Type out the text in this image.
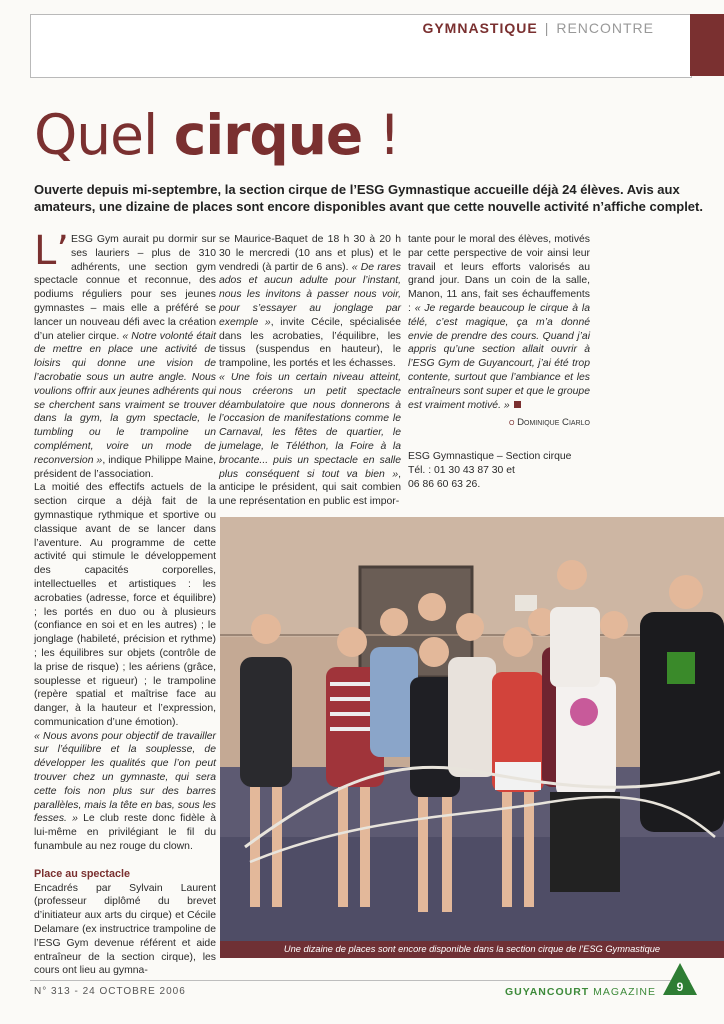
GYMNASTIQUE | RENCONTRE
Quel cirque !
Ouverte depuis mi-septembre, la section cirque de l’ESG Gymnastique accueille déjà 24 élèves. Avis aux amateurs, une dizaine de places sont encore disponibles avant que cette nouvelle activité n’affiche complet.

L’ ESG Gym aurait pu dormir sur ses lauriers – plus de 310 adhérents, une section gym spectacle connue et reconnue, des podiums réguliers pour ses jeunes gymnastes – mais elle a préféré se lancer un nouveau défi avec la création d’un atelier cirque. « Notre volonté était de mettre en place une activité de loisirs qui donne une vision de l’acrobatie sous un autre angle. Nous voulions offrir aux jeunes adhérents qui se cherchent sans vraiment se trouver dans la gym, la gym spectacle, le tumbling ou le trampoline un complément, voire un mode de reconversion », indique Philippe Maine, président de l’association.

La moitié des effectifs actuels de la section cirque a déjà fait de la gymnastique rythmique et sportive ou classique avant de se lancer dans l’aventure. Au programme de cette activité qui stimule le développement des capacités corporelles, intellectuelles et artistiques : les acrobaties (adresse, force et équilibre) ; les portés en duo ou à plusieurs (confiance en soi et en les autres) ; le jonglage (habileté, précision et rythme) ; les équilibres sur objets (contrôle de la prise de risque) ; les aériens (grâce, souplesse et rigueur) ; le trampoline (repère spatial et maîtrise face au danger, à la hauteur et l’expression, communication d’une émotion).

« Nous avons pour objectif de travailler sur l’équilibre et la souplesse, de développer les qualités que l’on peut trouver chez un gymnaste, qui sera cette fois non plus sur des barres parallèles, mais la tête en bas, sous les fesses. » Le club reste donc fidèle à lui-même en privilégiant le fil du funambule au nez rouge du clown.

Place au spectacle

Encadrés par Sylvain Laurent (professeur diplômé du brevet d’initiateur aux arts du cirque) et Cécile Delamare (ex instructrice trampoline de l’ESG Gym devenue référent et aide entraîneur de la section cirque), les cours ont lieu au gymna-

se Maurice-Baquet de 18 h 30 à 20 h 30 le mercredi (10 ans et plus) et le vendredi (à partir de 6 ans). « De rares ados et aucun adulte pour l’instant, nous les invitons à passer nous voir, pour s’essayer au jonglage par exemple », invite Cécile, spécialisée dans les acrobaties, l’équilibre, les tissus (suspendus en hauteur), le trampoline, les portés et les échasses.

« Une fois un certain niveau atteint, nous créerons un petit spectacle déambulatoire que nous donnerons à l’occasion de manifestations comme le Carnaval, les fêtes de quartier, le jumelage, le Téléthon, la Foire à la brocante... puis un spectacle en salle plus conséquent si tout va bien », anticipe le président, qui sait combien une représentation en public est impor-

tante pour le moral des élèves, motivés par cette perspective de voir ainsi leur travail et leurs efforts valorisés au grand jour. Dans un coin de la salle, Manon, 11 ans, fait ses échauffements : « Je regarde beaucoup le cirque à la télé, c’est magique, ça m’a donné envie de prendre des cours. Quand j’ai appris qu’une section allait ouvrir à l’ESG Gym de Guyancourt, j’ai été trop contente, surtout que l’ambiance et les entraîneurs sont super et que le groupe est vraiment motivé. »

o Dominique Ciarlo
ESG Gymnastique – Section cirque
Tél. : 01 30 43 87 30 et
06 86 60 63 26.
Une dizaine de places sont encore disponible dans la section cirque de l’ESG Gymnastique
N° 313 - 24 OCTOBRE 2006	GUYANCOURT MAGAZINE	9
